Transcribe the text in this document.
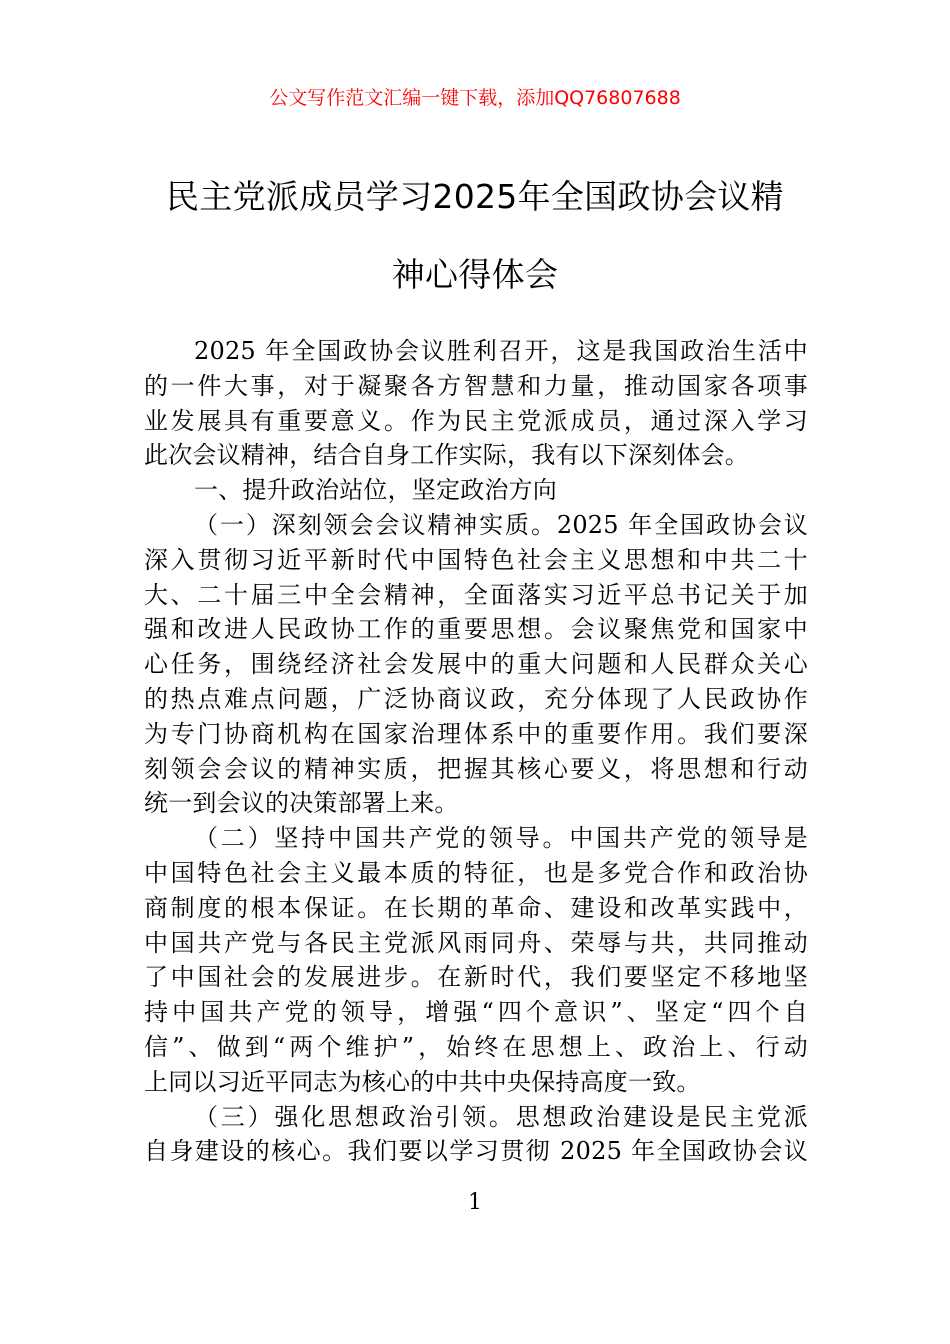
公文写作范文汇编一键下载，添加QQ76807688
民主党派成员学习2025年全国政协会议精
神心得体会

2025 年全国政协会议胜利召开，这是我国政治生活中
的一件大事，对于凝聚各方智慧和力量，推动国家各项事
业发展具有重要意义。作为民主党派成员，通过深入学习
此次会议精神，结合自身工作实际，我有以下深刻体会。

一、提升政治站位，坚定政治方向

（一）深刻领会会议精神实质。2025 年全国政协会议
深入贯彻习近平新时代中国特色社会主义思想和中共二十
大、二十届三中全会精神，全面落实习近平总书记关于加
强和改进人民政协工作的重要思想。会议聚焦党和国家中
心任务，围绕经济社会发展中的重大问题和人民群众关心
的热点难点问题，广泛协商议政，充分体现了人民政协作
为专门协商机构在国家治理体系中的重要作用。我们要深
刻领会会议的精神实质，把握其核心要义，将思想和行动
统一到会议的决策部署上来。

（二）坚持中国共产党的领导。中国共产党的领导是
中国特色社会主义最本质的特征，也是多党合作和政治协
商制度的根本保证。在长期的革命、建设和改革实践中，
中国共产党与各民主党派风雨同舟、荣辱与共，共同推动
了中国社会的发展进步。在新时代，我们要坚定不移地坚
持中国共产党的领导，增强“四个意识”、坚定“四个自
信”、做到“两个维护”，始终在思想上、政治上、行动
上同以习近平同志为核心的中共中央保持高度一致。

（三）强化思想政治引领。思想政治建设是民主党派
自身建设的核心。我们要以学习贯彻 2025 年全国政协会议

1
